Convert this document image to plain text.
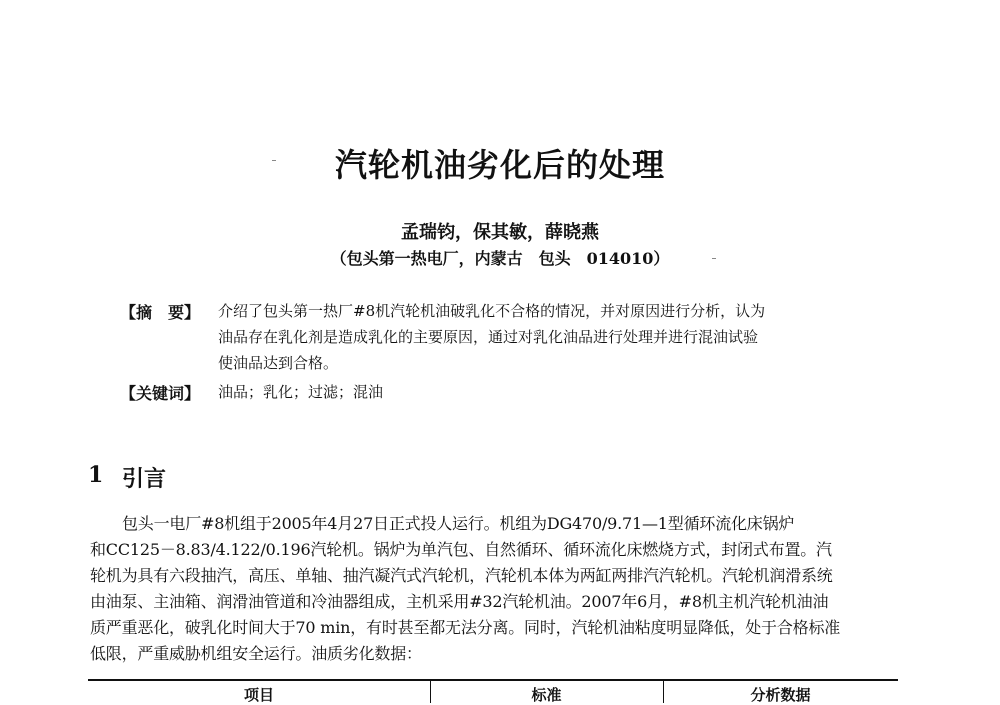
汽轮机油劣化后的处理
孟瑞钧，保其敏，薛晓燕
（包头第一热电厂，内蒙古　包头　014010）
【摘　要】 介绍了包头第一热厂#8机汽轮机油破乳化不合格的情况，并对原因进行分析，认为
油品存在乳化剂是造成乳化的主要原因，通过对乳化油品进行处理并进行混油试验
使油品达到合格。
【关键词】 油品；乳化；过滤；混油
1 引言
包头一电厂#8机组于2005年4月27日正式投人运行。机组为DG470/9.71—1型循环流化床锅炉
和CC125－8.83/4.122/0.196汽轮机。锅炉为单汽包、自然循环、循环流化床燃烧方式，封闭式布置。汽
轮机为具有六段抽汽，高压、单轴、抽汽凝汽式汽轮机，汽轮机本体为两缸两排汽汽轮机。汽轮机润滑系统
由油泵、主油箱、润滑油管道和冷油器组成，主机采用#32汽轮机油。2007年6月，#8机主机汽轮机油油
质严重恶化，破乳化时间大于70 min，有时甚至都无法分离。同时，汽轮机油粘度明显降低，处于合格标准
低限，严重威胁机组安全运行。油质劣化数据：
项目	标准	分析数据
